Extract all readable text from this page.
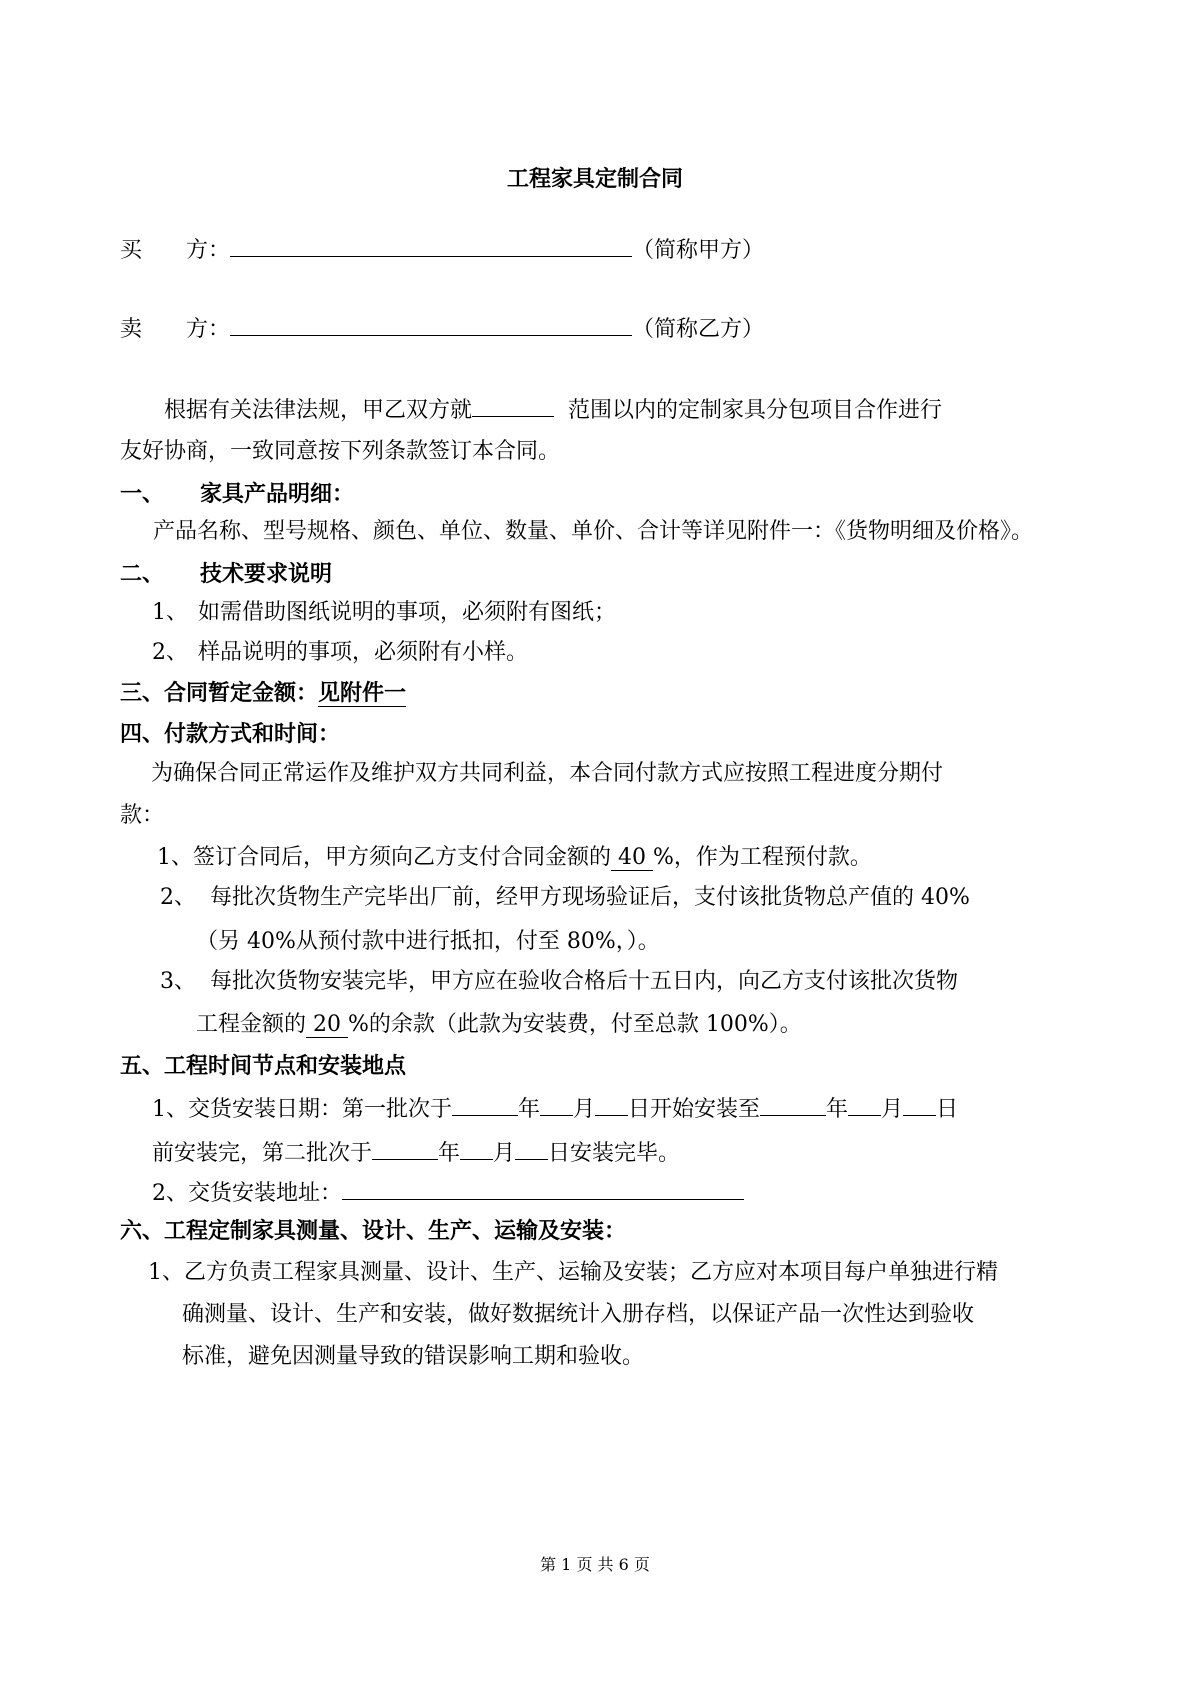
工程家具定制合同
买 方：	（简称甲方）
卖 方：	（简称乙方）
根据有关法律法规，甲乙双方就	范围以内的定制家具分包项目合作进行
友好协商，一致同意按下列条款签订本合同。
一、 家具产品明细：
产品名称、型号规格、颜色、单位、数量、单价、合计等详见附件一：《货物明细及价格》。
二、 技术要求说明
1、 如需借助图纸说明的事项，必须附有图纸；
2、 样品说明的事项，必须附有小样。
三、合同暂定金额：见附件一
四、付款方式和时间：
为确保合同正常运作及维护双方共同利益，本合同付款方式应按照工程进度分期付
款：
1、签订合同后，甲方须向乙方支付合同金额的 40 %，作为工程预付款。
2、 每批次货物生产完毕出厂前，经甲方现场验证后，支付该批货物总产值的 40%
（另 40%从预付款中进行抵扣，付至 80%，）。
3、 每批次货物安装完毕，甲方应在验收合格后十五日内，向乙方支付该批次货物
工程金额的 20 %的余款（此款为安装费，付至总款 100%）。
五、工程时间节点和安装地点
1、交货安装日期：第一批次于	年 月 日开始安装至	年 月 日
前安装完，第二批次于	年 月 日安装完毕。
2、交货安装地址：
六、工程定制家具测量、设计、生产、运输及安装：
1、乙方负责工程家具测量、设计、生产、运输及安装；乙方应对本项目每户单独进行精
确测量、设计、生产和安装，做好数据统计入册存档，以保证产品一次性达到验收
标准，避免因测量导致的错误影响工期和验收。
第 1 页 共 6 页
